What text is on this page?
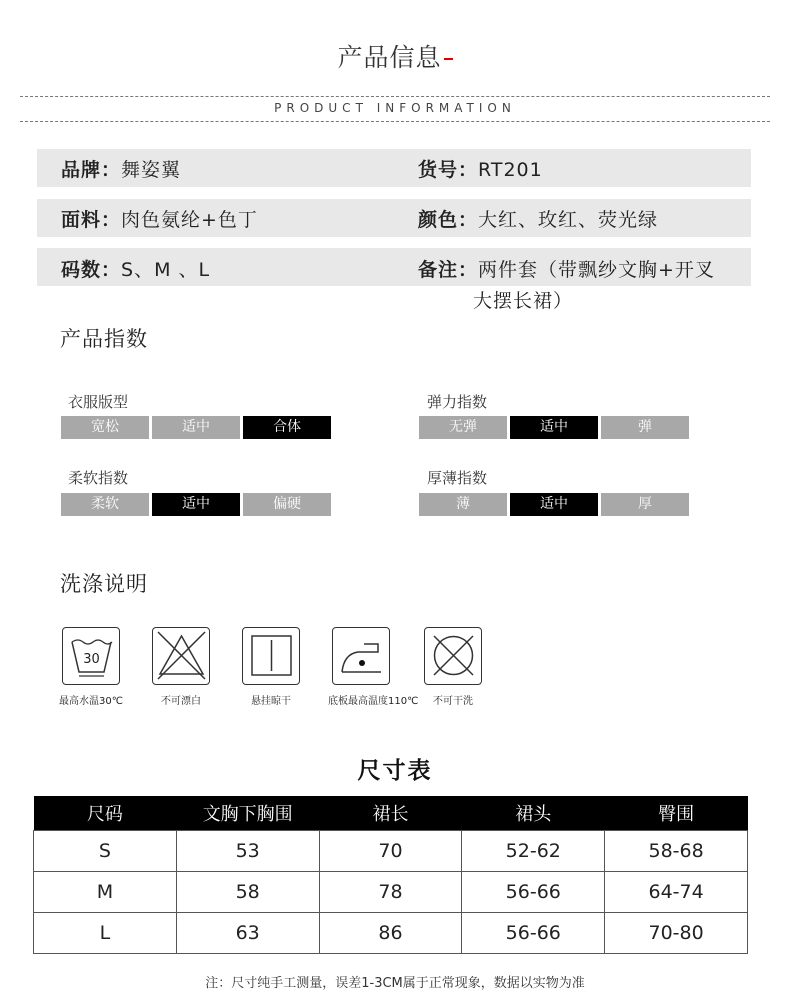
产品信息
PRODUCT INFORMATION
品牌：舞姿翼	货号：RT201
面料：肉色氨纶+色丁	颜色：大红、玫红、荧光绿
码数：S、M 、L	备注：两件套（带飘纱文胸+开叉
大摆长裙）
产品指数
衣服版型
宽松	适中	合体
弹力指数
无弹	适中	弹
柔软指数
柔软	适中	偏硬
厚薄指数
薄	适中	厚
洗涤说明
30
最高水温30℃	不可漂白	悬挂晾干	底板最高温度110℃	不可干洗
尺寸表
尺码	文胸下胸围	裙长	裙头	臀围
S	53	70	52-62	58-68
M	58	78	56-66	64-74
L	63	86	56-66	70-80
注：尺寸纯手工测量，误差1-3CM属于正常现象，数据以实物为准
